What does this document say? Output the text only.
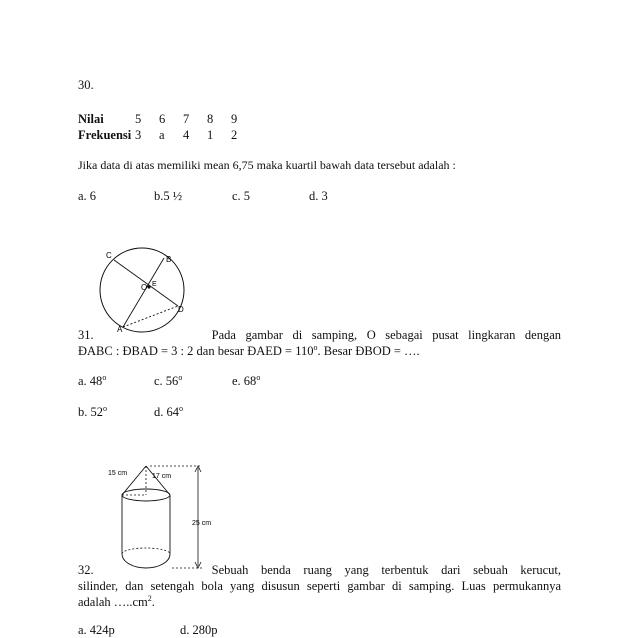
30.
Nilai	5 6 7 8 9
Frekuensi 3 a 4 1 2
Jika data di atas memiliki mean 6,75 maka kuartil bawah data tersebut adalah :
a. 6	b.5 ½	c. 5	d. 3
C	B
O E
D
A
31.	Pada gambar di samping, O sebagai pusat lingkaran dengan
ÐABC : ÐBAD = 3 : 2 dan besar ÐAED = $110^o$. Besar ÐBOD = ….
a. 48$^o$	c. 56$^o$	e. 68$^o$
b. 52$^o$	d. 64$^o$
15 cm	17 cm
25 cm
32.	Sebuah benda ruang yang terbentuk dari sebuah kerucut,
silinder, dan setengah bola yang disusun seperti gambar di samping. Luas permukannya
adalah $\dots..cm^2$.
a. 424p	d. 280p
